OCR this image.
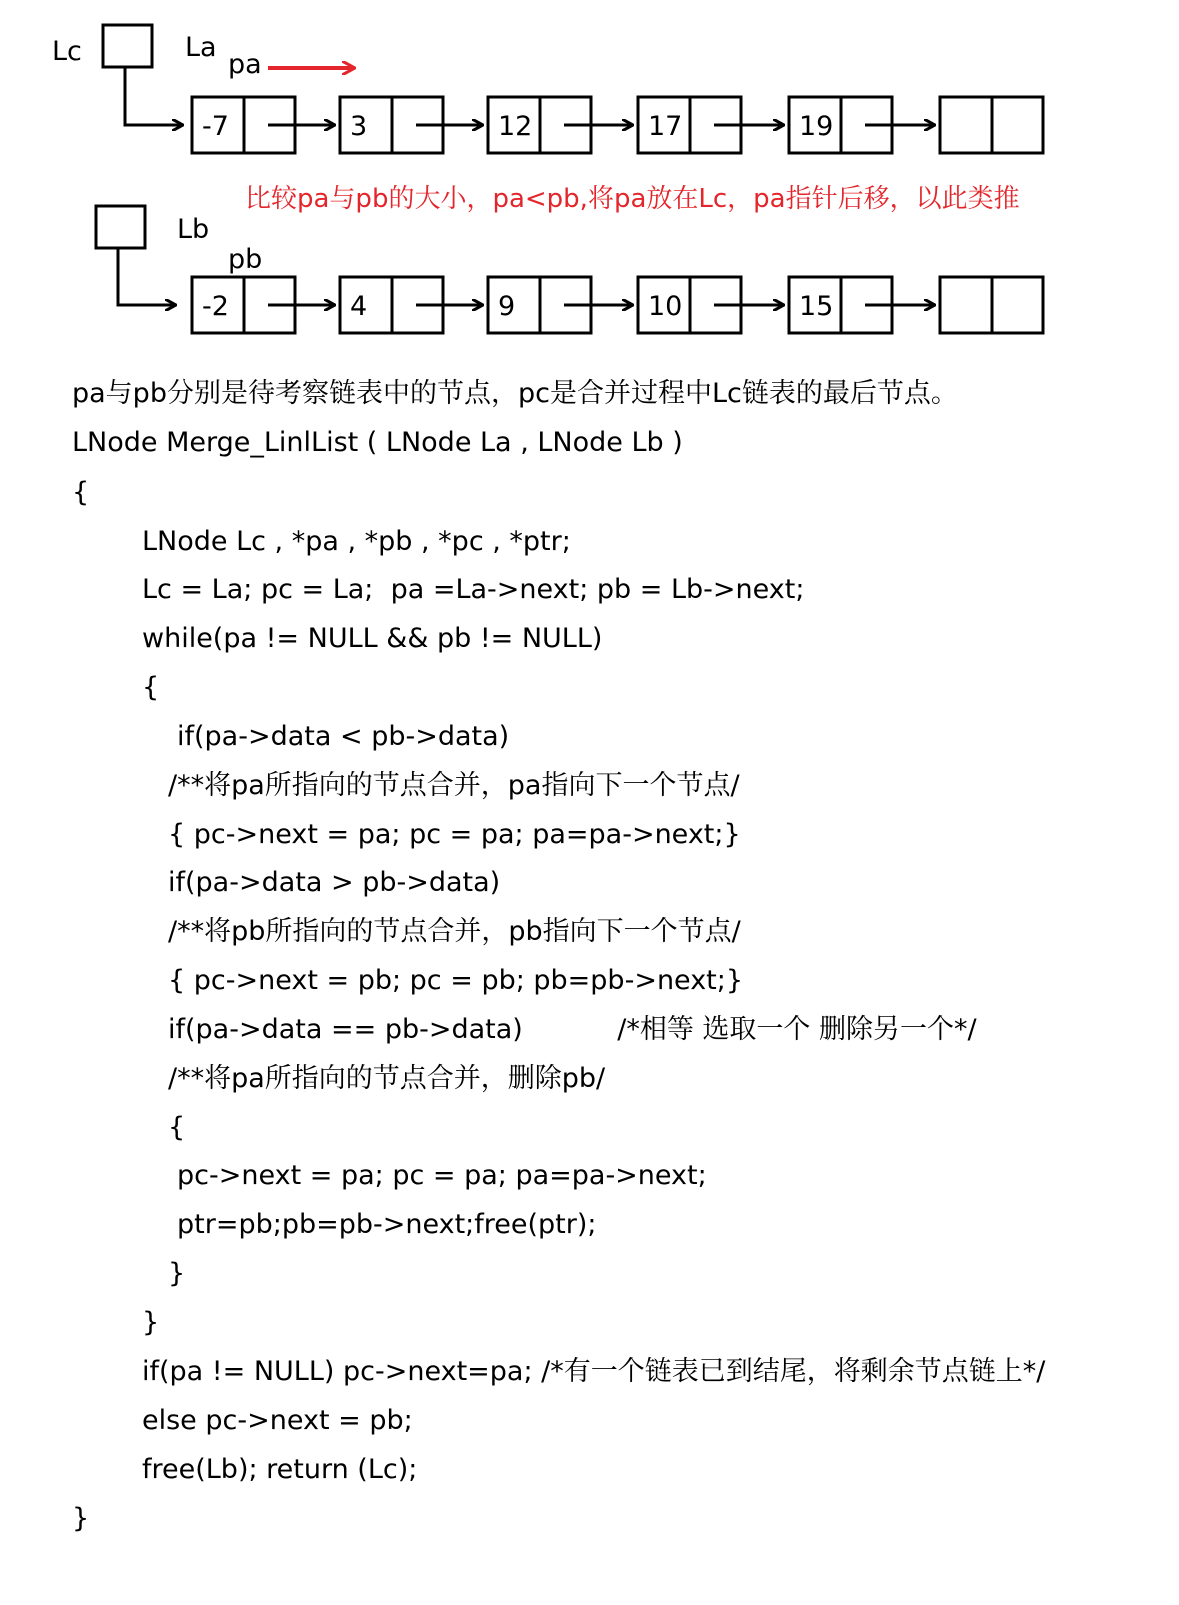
Lc	La
pa
-7	3	12	17	19
比较pa与pb的大小，pa<pb,将pa放在Lc，pa指针后移，以此类推
Lb
pb
-2	4	9	10	15
pa与pb分别是待考察链表中的节点，pc是合并过程中Lc链表的最后节点。
LNode Merge_LinlList ( LNode La , LNode Lb )
{
LNode Lc , *pa , *pb , *pc , *ptr;
Lc = La; pc = La;  pa =La->next; pb = Lb->next;
while(pa != NULL && pb != NULL)
{
if(pa->data < pb->data)
/**将pa所指向的节点合并，pa指向下一个节点/
{ pc->next = pa; pc = pa; pa=pa->next;}
if(pa->data > pb->data)
/**将pb所指向的节点合并，pb指向下一个节点/
{ pc->next = pb; pc = pb; pb=pb->next;}
if(pa->data == pb->data)           /*相等 选取一个 删除另一个*/
/**将pa所指向的节点合并，删除pb/
{
pc->next = pa; pc = pa; pa=pa->next;
ptr=pb;pb=pb->next;free(ptr);
}
}
if(pa != NULL) pc->next=pa; /*有一个链表已到结尾，将剩余节点链上*/
else pc->next = pb;
free(Lb); return (Lc);
}
